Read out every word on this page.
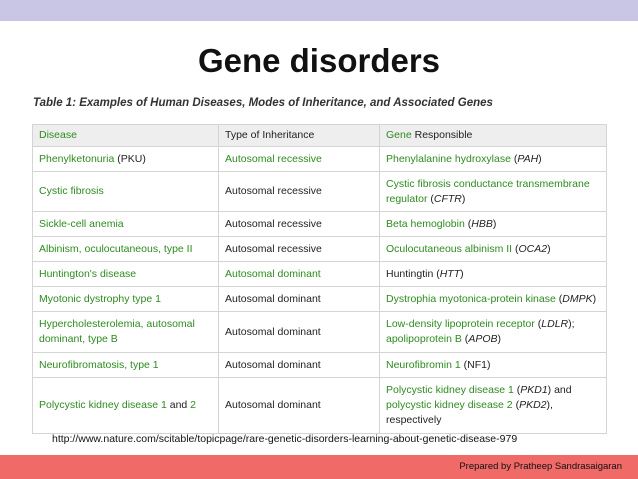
Gene disorders
Table 1: Examples of Human Diseases, Modes of Inheritance, and Associated Genes
Disease	Type of Inheritance	Gene Responsible
Phenylketonuria (PKU)	Autosomal recessive	Phenylalanine hydroxylase (PAH)
Cystic fibrosis	Autosomal recessive	Cystic fibrosis conductance transmembrane regulator (CFTR)
Sickle-cell anemia	Autosomal recessive	Beta hemoglobin (HBB)
Albinism, oculocutaneous, type II	Autosomal recessive	Oculocutaneous albinism II (OCA2)
Huntington's disease	Autosomal dominant	Huntingtin (HTT)
Myotonic dystrophy type 1	Autosomal dominant	Dystrophia myotonica-protein kinase (DMPK)
Hypercholesterolemia, autosomal dominant, type B	Autosomal dominant	Low-density lipoprotein receptor (LDLR);
apolipoprotein B (APOB)
Neurofibromatosis, type 1	Autosomal dominant	Neurofibromin 1 (NF1)
Polycystic kidney disease 1 and 2	Autosomal dominant	Polycystic kidney disease 1 (PKD1) and
polycystic kidney disease 2 (PKD2),
respectively
http://www.nature.com/scitable/topicpage/rare-genetic-disorders-learning-about-genetic-disease-979
Prepared by Pratheep Sandrasaigaran
